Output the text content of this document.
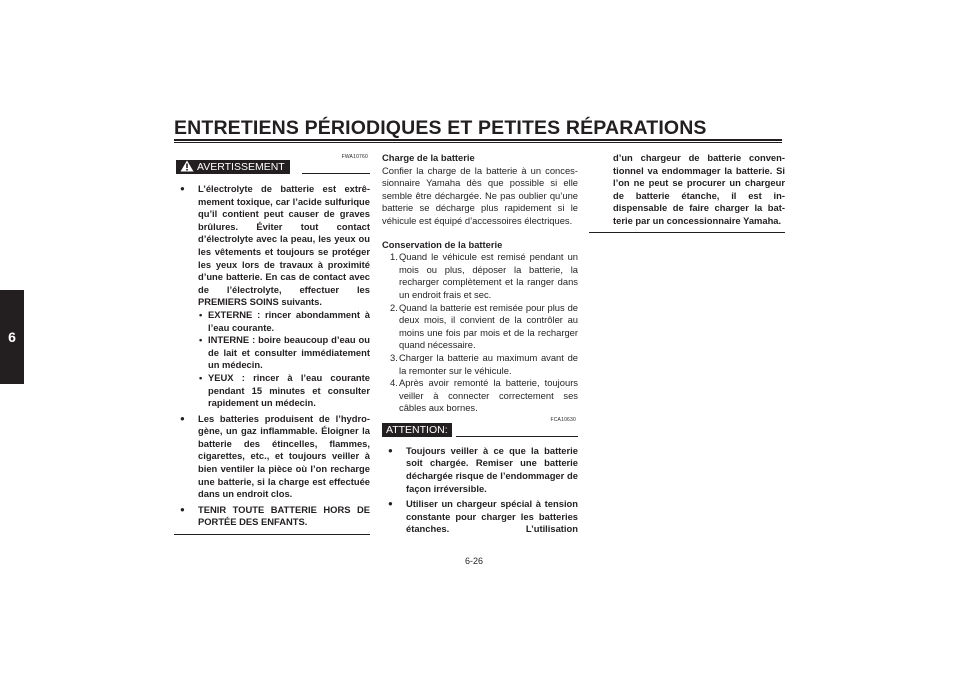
ENTRETIENS PÉRIODIQUES ET PETITES RÉPARATIONS
6
FWA10760
AVERTISSEMENT
● L’électrolyte de batterie est extrêmement toxique, car l’acide sulfurique qu’il contient peut causer de graves brûlures. Éviter tout contact d’électrolyte avec la peau, les yeux ou les vêtements et toujours se protéger les yeux lors de travaux à proximité d’une batterie. En cas de contact avec de l’électrolyte, effectuer les PREMIERS SOINS suivants.
• EXTERNE : rincer abondamment à l’eau courante.
• INTERNE : boire beaucoup d’eau ou de lait et consulter immédiatement un médecin.
• YEUX : rincer à l’eau courante pendant 15 minutes et consulter rapidement un médecin.
● Les batteries produisent de l’hydrogène, un gaz inflammable. Éloigner la batterie des étincelles, flammes, cigarettes, etc., et toujours veiller à bien ventiler la pièce où l’on recharge une batterie, si la charge est effectuée dans un endroit clos.
● TENIR TOUTE BATTERIE HORS DE PORTÉE DES ENFANTS.
Charge de la batterie
Confier la charge de la batterie à un concessionnaire Yamaha dès que possible si elle semble être déchargée. Ne pas oublier qu’une batterie se décharge plus rapidement si le véhicule est équipé d’accessoires électriques.
Conservation de la batterie
1. Quand le véhicule est remisé pendant un mois ou plus, déposer la batterie, la recharger complètement et la ranger dans un endroit frais et sec.
2. Quand la batterie est remisée pour plus de deux mois, il convient de la contrôler au moins une fois par mois et de la recharger quand nécessaire.
3. Charger la batterie au maximum avant de la remonter sur le véhicule.
4. Après avoir remonté la batterie, toujours veiller à connecter correctement ses câbles aux bornes.
FCA10630
ATTENTION:
● Toujours veiller à ce que la batterie soit chargée. Remiser une batterie déchargée risque de l’endommager de façon irréversible.
● Utiliser un chargeur spécial à tension constante pour charger les batteries étanches. L’utilisation
d’un chargeur de batterie conventionnel va endommager la batterie. Si l’on ne peut se procurer un chargeur de batterie étanche, il est indispensable de faire charger la batterie par un concessionnaire Yamaha.
6-26
